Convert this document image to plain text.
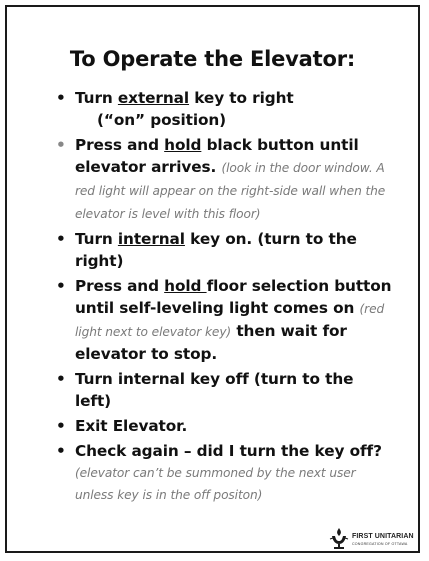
To Operate the Elevator:
• Turn external key to right
(“on” position)
• Press and hold black button until elevator arrives. (look in the door window. A red light will appear on the right-side wall when the elevator is level with this floor)
• Turn internal key on. (turn to the right)
• Press and hold floor selection button until self-leveling light comes on (red light next to elevator key) then wait for elevator to stop.
• Turn internal key off (turn to the left)
• Exit Elevator.
• Check again – did I turn the key off?
(elevator can’t be summoned by the next user unless key is in the off positon)
FIRST UNITARIAN
CONGREGATION OF OTTAWA
